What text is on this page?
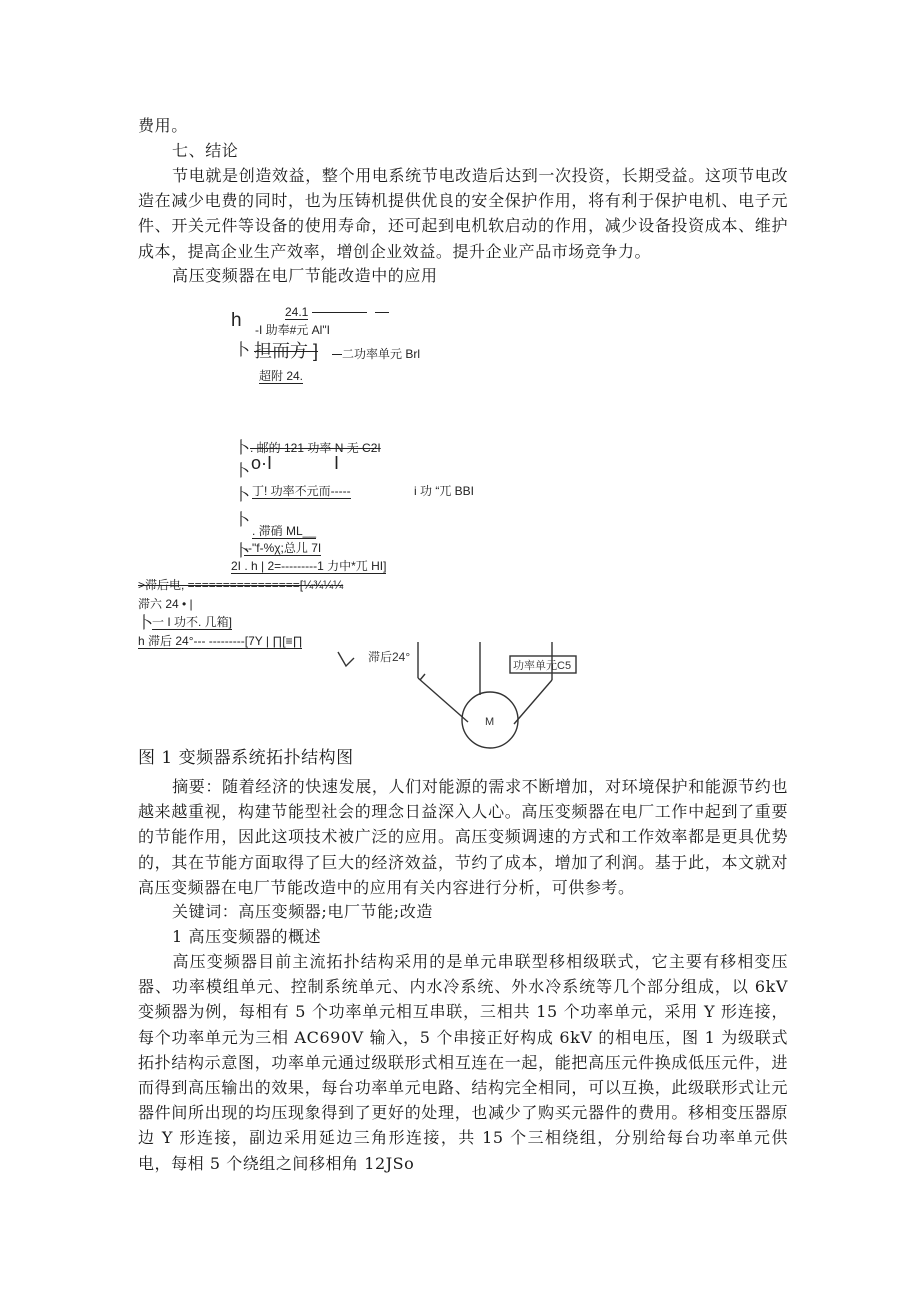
费用。
七、结论
节电就是创造效益，整个用电系统节电改造后达到一次投资，长期受益。这项节电改造在减少电费的同时，也为压铸机提供优良的安全保护作用，将有利于保护电机、电子元件、开关元件等设备的使用寿命，还可起到电机软启动的作用，减少设备投资成本、维护成本，提高企业生产效率，增创企业效益。提升企业产品市场竞争力。
高压变频器在电厂节能改造中的应用
h	24.1
-I 助奉#元 Al"I
卜 担而方 ]	二功率单元 Brl
超附 24.
卜 . 邮的 121 功率 N 无 C2I
卜 o·I	I
卜 丁! 功率不元而-----	i 功 “兀 BBI
卜
. 滞硝 ML__
卜
--"f-%χ;总儿 7I
2I . h | 2=---------1 力中*兀 HI]
>滞后电, ================[¼¾¼¼
滞六 24 • |
卜
一 I 功不. 几箱]
h 滞后 24°--- ---------[7Y | ∏[≡∏
滞后24°
功率单元C5
M
图 1 变频器系统拓扑结构图
摘要：随着经济的快速发展，人们对能源的需求不断增加，对环境保护和能源节约也越来越重视，构建节能型社会的理念日益深入人心。高压变频器在电厂工作中起到了重要的节能作用，因此这项技术被广泛的应用。高压变频调速的方式和工作效率都是更具优势的，其在节能方面取得了巨大的经济效益，节约了成本，增加了利润。基于此，本文就对高压变频器在电厂节能改造中的应用有关内容进行分析，可供参考。
关键词：高压变频器;电厂节能;改造
1 高压变频器的概述
高压变频器目前主流拓扑结构采用的是单元串联型移相级联式，它主要有移相变压器、功率模组单元、控制系统单元、内水冷系统、外水冷系统等几个部分组成，以 6kV 变频器为例，每相有 5 个功率单元相互串联，三相共 15 个功率单元，采用 Y 形连接，每个功率单元为三相 AC690V 输入，5 个串接正好构成 6kV 的相电压，图 1 为级联式拓扑结构示意图，功率单元通过级联形式相互连在一起，能把高压元件换成低压元件，进而得到高压输出的效果，每台功率单元电路、结构完全相同，可以互换，此级联形式让元器件间所出现的均压现象得到了更好的处理，也减少了购买元器件的费用。移相变压器原边 Y 形连接，副边采用延边三角形连接，共 15 个三相绕组，分别给每台功率单元供电，每相 5 个绕组之间移相角 12JSo
